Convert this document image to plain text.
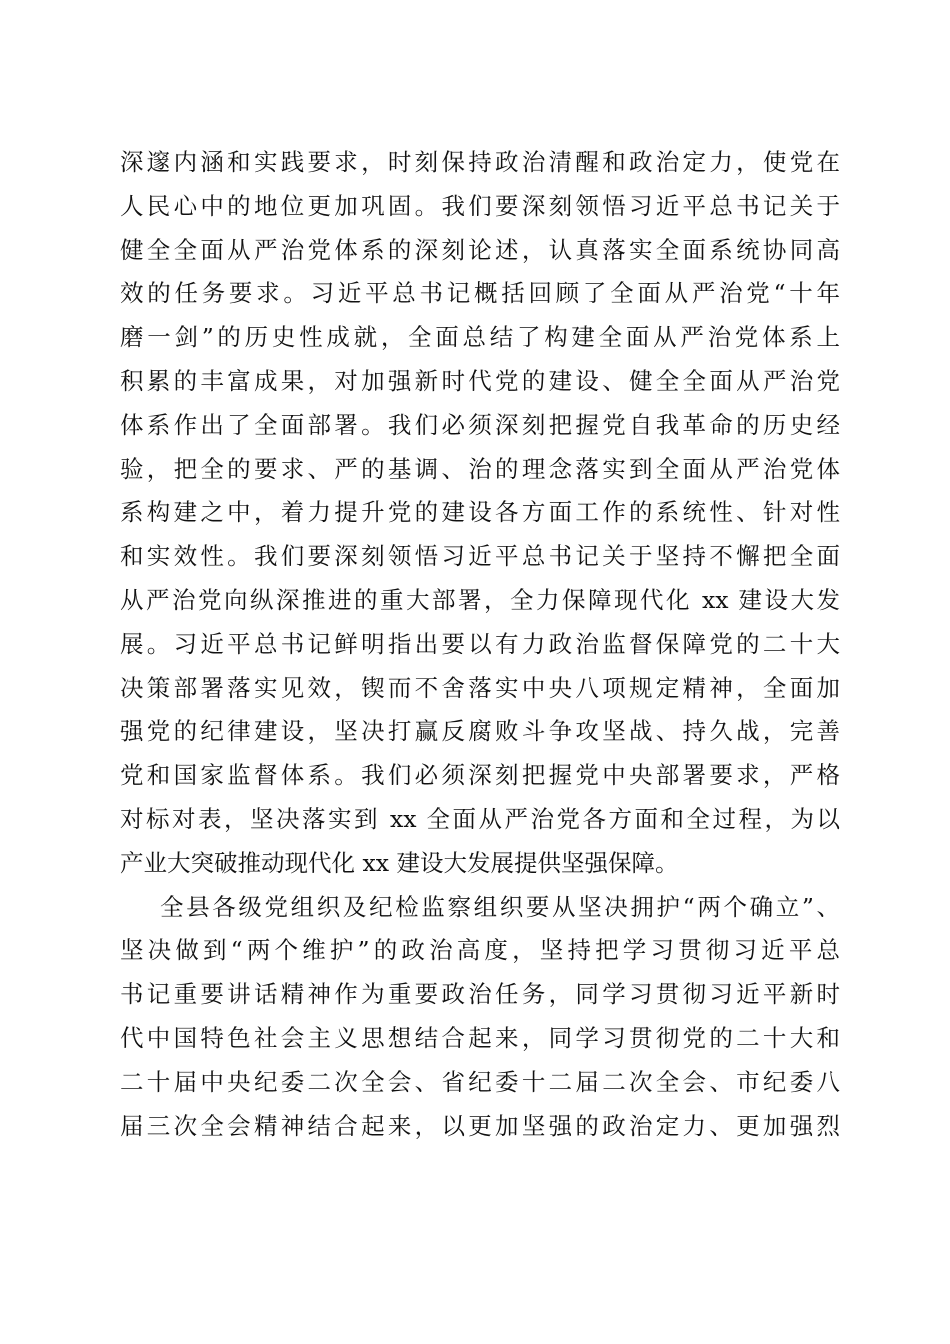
深邃内涵和实践要求，时刻保持政治清醒和政治定力，使党在
人民心中的地位更加巩固。我们要深刻领悟习近平总书记关于
健全全面从严治党体系的深刻论述，认真落实全面系统协同高
效的任务要求。习近平总书记概括回顾了全面从严治党“十年
磨一剑”的历史性成就，全面总结了构建全面从严治党体系上
积累的丰富成果，对加强新时代党的建设、健全全面从严治党
体系作出了全面部署。我们必须深刻把握党自我革命的历史经
验，把全的要求、严的基调、治的理念落实到全面从严治党体
系构建之中，着力提升党的建设各方面工作的系统性、针对性
和实效性。我们要深刻领悟习近平总书记关于坚持不懈把全面
从严治党向纵深推进的重大部署，全力保障现代化 xx 建设大发
展。习近平总书记鲜明指出要以有力政治监督保障党的二十大
决策部署落实见效，锲而不舍落实中央八项规定精神，全面加
强党的纪律建设，坚决打赢反腐败斗争攻坚战、持久战，完善
党和国家监督体系。我们必须深刻把握党中央部署要求，严格
对标对表，坚决落实到 xx 全面从严治党各方面和全过程，为以
产业大突破推动现代化 xx 建设大发展提供坚强保障。
全县各级党组织及纪检监察组织要从坚决拥护“两个确立”、
坚决做到“两个维护”的政治高度，坚持把学习贯彻习近平总
书记重要讲话精神作为重要政治任务，同学习贯彻习近平新时
代中国特色社会主义思想结合起来，同学习贯彻党的二十大和
二十届中央纪委二次全会、省纪委十二届二次全会、市纪委八
届三次全会精神结合起来，以更加坚强的政治定力、更加强烈
